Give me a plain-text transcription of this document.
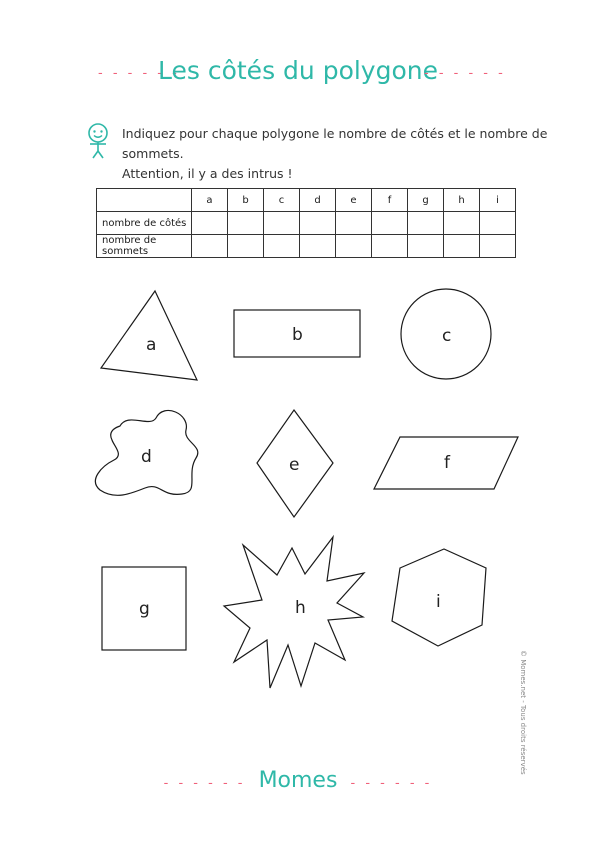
- - - - - -
Les côtés du polygone
- - - - - -
Indiquez pour chaque polygone le nombre de côtés et le nombre de sommets.
Attention, il y a des intrus !
	a	b	c	d	e	f	g	h	i
nombre de côtés									
nombre de sommets									
a	b	c
d	e	f
g	h	i
© Momes.net - Tous droits réservés
- - - - - - Momes - - - - - -
